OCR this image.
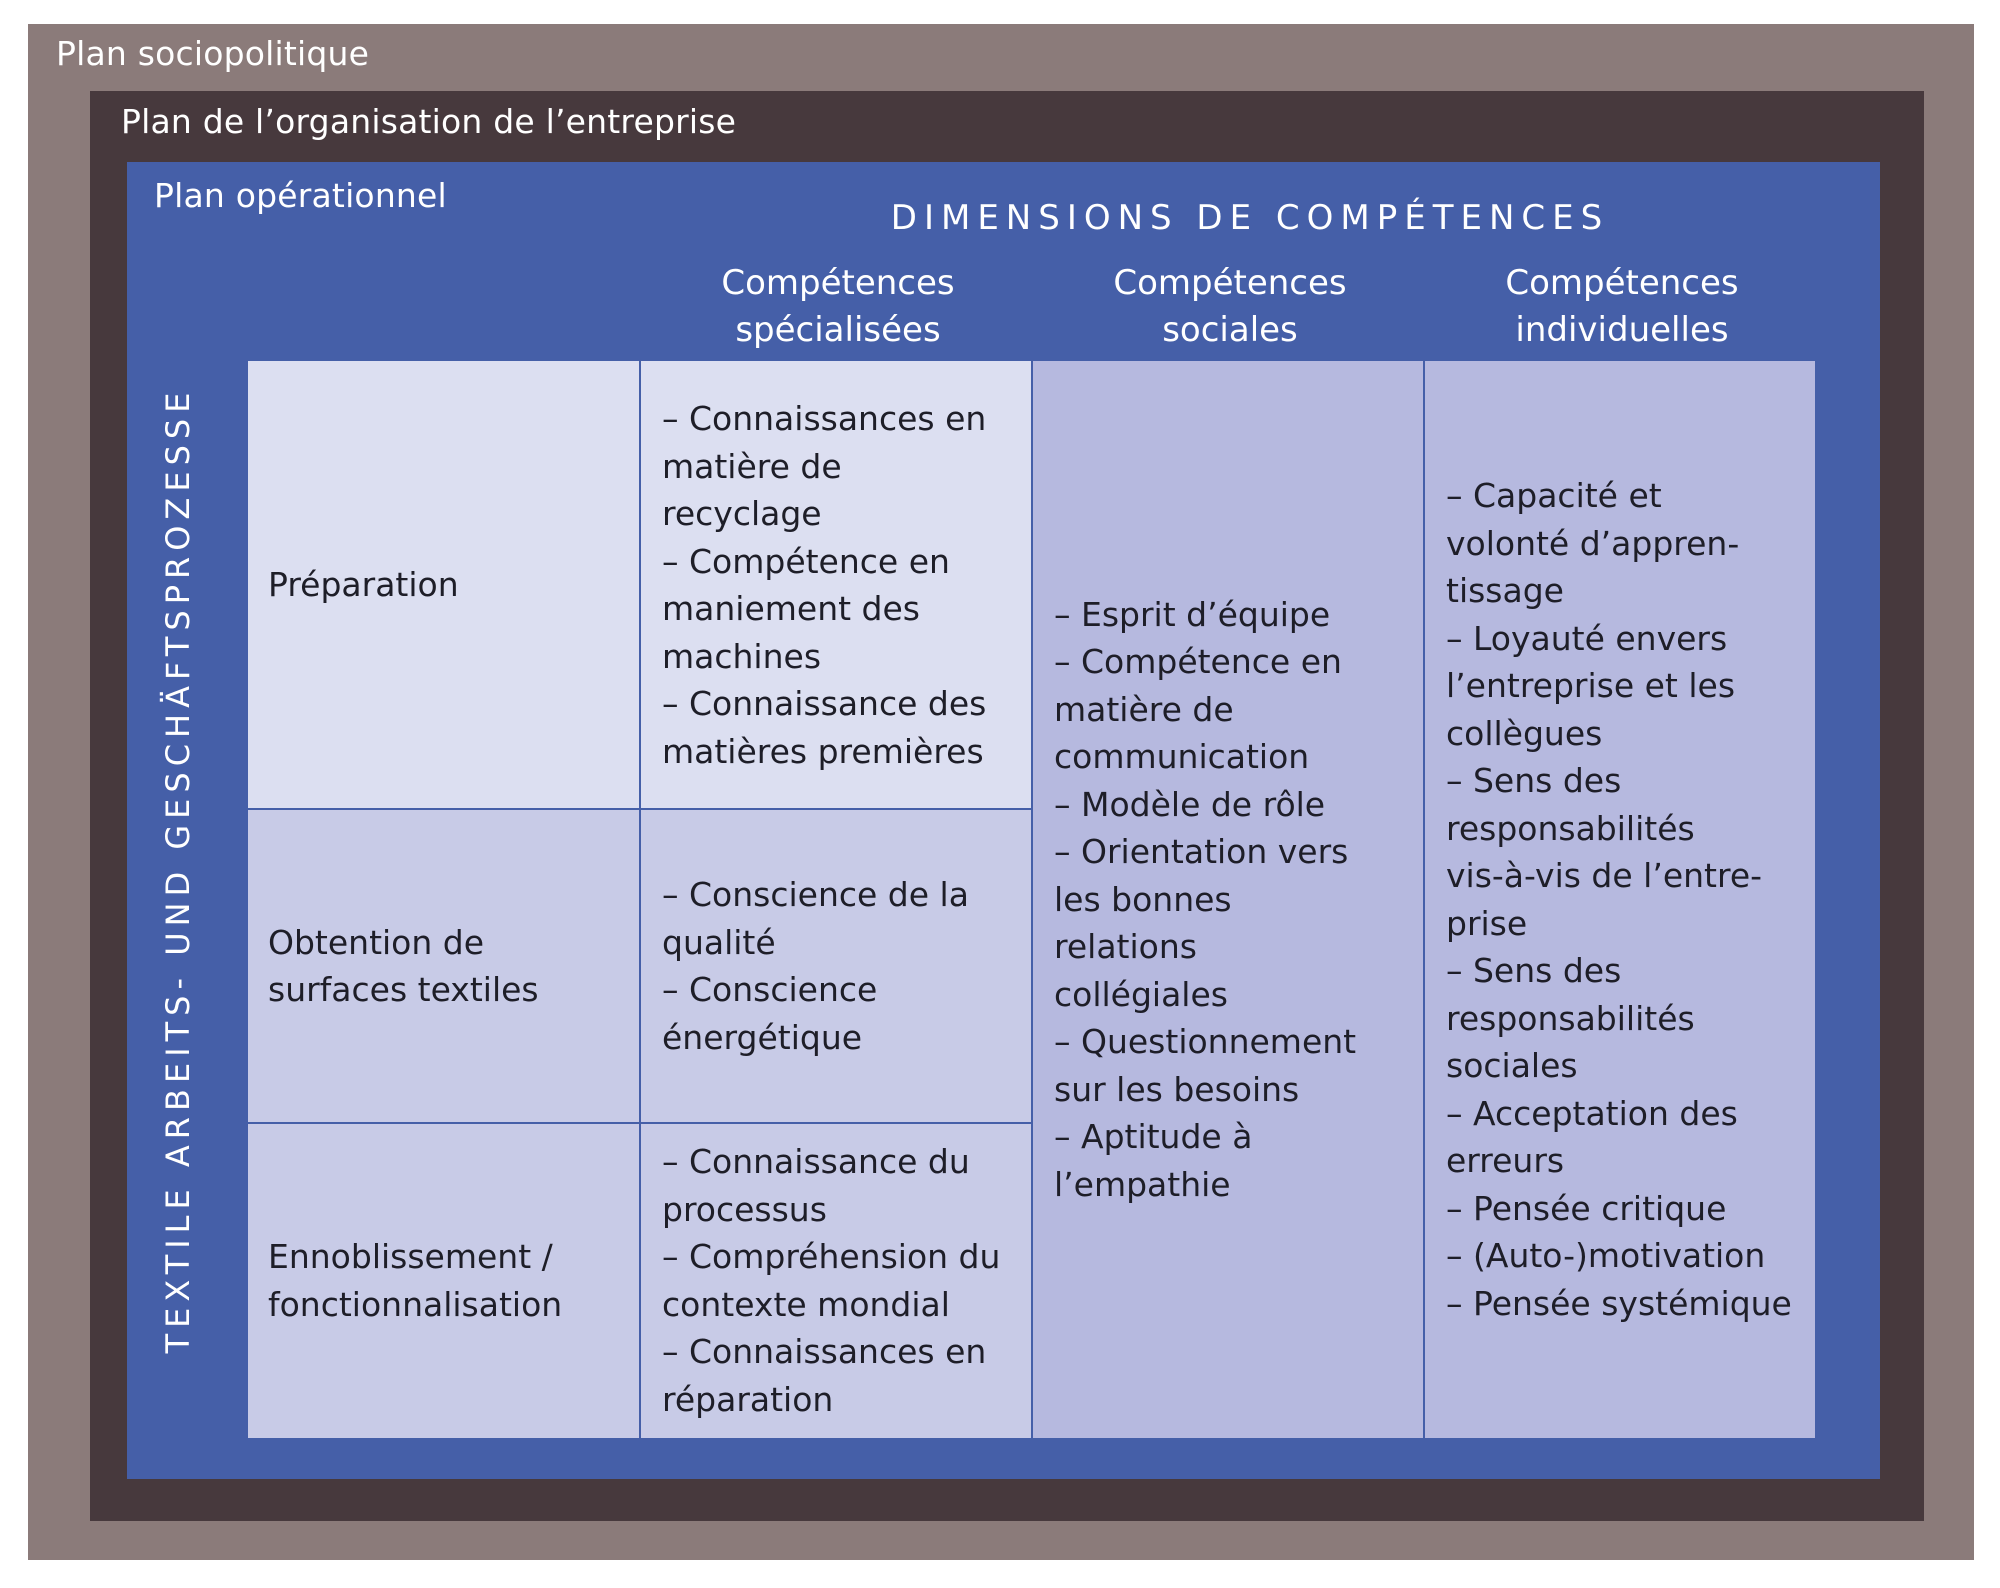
Plan sociopolitique
Plan de l’organisation de l’entreprise
Plan opérationnel
DIMENSIONS DE COMPÉTENCES
Compétences
spécialisées
Compétences
sociales
Compétences
individuelles
TEXTILE ARBEITS- UND GESCHÄFTSPROZESSE Préparation
Obtention de
surfaces textiles
Ennoblissement /
fonctionnalisation
– Connaissances en
matière de
recyclage
– Compétence en
maniement des
machines
– Connaissance des
matières premières
– Conscience de la
qualité
– Conscience
énergétique
– Connaissance du
processus
– Compréhension du
contexte mondial
– Connaissances en
réparation
– Esprit d’équipe
– Compétence en
matière de
communication
– Modèle de rôle
– Orientation vers
les bonnes
relations
collégiales
– Questionnement
sur les besoins
– Aptitude à
l’empathie
– Capacité et
volonté d’appren-
tissage
– Loyauté envers
l’entreprise et les
collègues
– Sens des
responsabilités
vis-à-vis de l’entre-
prise
– Sens des
responsabilités
sociales
– Acceptation des
erreurs
– Pensée critique
– (Auto-)motivation
– Pensée systémique
